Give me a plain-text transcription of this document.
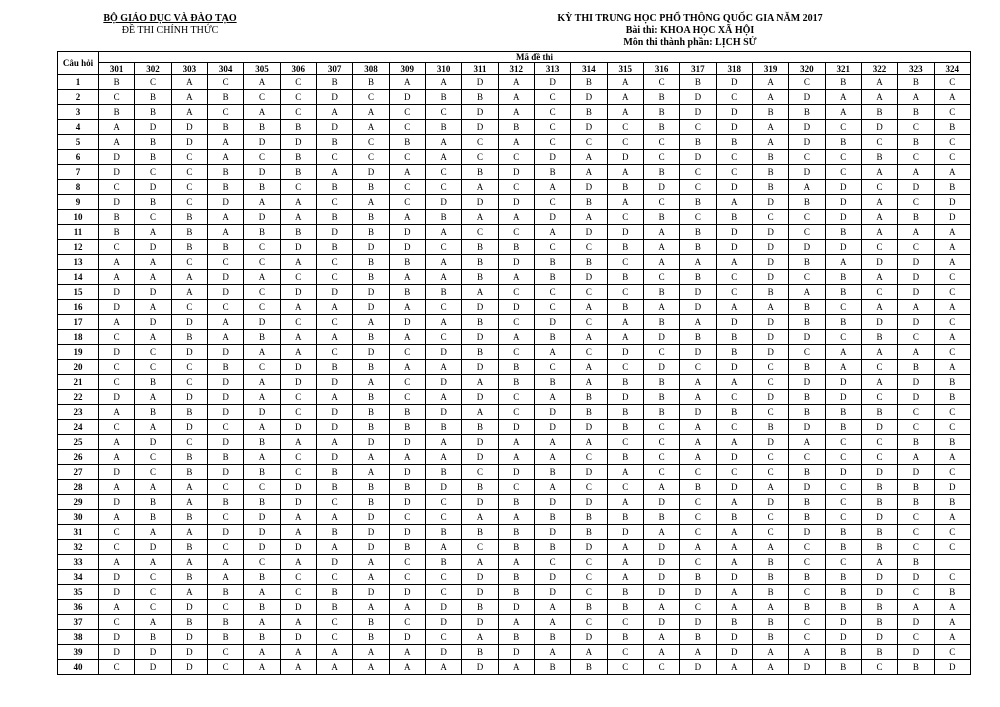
BỘ GIÁO DỤC VÀ ĐÀO TẠO
ĐỀ THI CHÍNH THỨC
KỲ THI TRUNG HỌC PHỔ THÔNG QUỐC GIA NĂM 2017
Bài thi: KHOA HỌC XÃ HỘI
Môn thi thành phần: LỊCH SỬ
Câu hỏi	Mã đề thi																							
	301	302	303	304	305	306	307	308	309	310	311	312	313	314	315	316	317	318	319	320	321	322	323	324
1	B	C	A	C	A	C	B	B	A	A	D	A	D	B	A	C	B	D	A	C	B	A	B	C
2	C	B	A	B	C	C	D	C	D	B	B	A	C	D	A	B	D	C	A	D	A	A	A	A
3	B	B	A	C	A	C	A	A	C	C	D	A	C	B	A	B	D	D	B	B	A	B	B	C
4	A	D	D	B	B	B	D	A	C	B	D	B	C	D	C	B	C	D	A	D	C	D	C	B
5	A	B	D	A	D	D	B	C	B	A	C	A	C	C	C	C	B	B	A	D	B	C	B	C
6	D	B	C	A	C	B	C	C	C	A	C	C	D	A	D	C	D	C	B	C	C	B	C	C
7	D	C	C	B	D	B	A	D	A	C	B	D	B	A	A	B	C	C	B	D	C	A	A	A
8	C	D	C	B	B	C	B	B	C	C	A	C	A	D	B	D	C	D	B	A	D	C	D	B
9	D	B	C	D	A	A	C	A	C	D	D	D	C	B	A	C	B	A	D	B	D	A	C	D
10	B	C	B	A	D	A	B	B	A	B	A	A	D	A	C	B	C	B	C	C	D	A	B	D
11	B	A	B	A	B	B	D	B	D	A	C	C	A	D	D	A	B	D	D	C	B	A	A	A
12	C	D	B	B	C	D	B	D	D	C	B	B	C	C	B	A	B	D	D	D	D	C	C	A
13	A	A	C	C	C	A	C	B	B	A	B	D	B	B	C	A	A	A	D	B	A	D	D	A
14	A	A	A	D	A	C	C	B	A	A	B	A	B	D	B	C	B	C	D	C	B	A	D	C
15	D	D	A	D	C	D	D	D	B	B	A	C	C	C	C	B	D	C	B	A	B	C	D	C
16	D	A	C	C	C	A	A	D	A	C	D	D	C	A	B	A	D	A	A	B	C	A	A	A
17	A	D	D	A	D	C	C	A	D	A	B	C	D	C	A	B	A	D	D	B	B	D	D	C
18	C	A	B	A	B	A	A	B	A	C	D	A	B	A	A	D	B	B	D	D	C	B	C	A
19	D	C	D	D	A	A	C	D	C	D	B	C	A	C	D	C	D	B	D	C	A	A	A	C
20	C	C	C	B	C	D	B	B	A	A	D	B	C	A	C	D	C	D	C	B	A	C	B	A
21	C	B	C	D	A	D	D	A	C	D	A	B	B	A	B	B	A	A	C	D	D	A	D	B
22	D	A	D	D	A	C	A	B	C	A	D	C	A	B	D	B	A	C	D	B	D	C	D	B
23	A	B	B	D	D	C	D	B	B	D	A	C	D	B	B	B	D	B	C	B	B	B	C	C
24	C	A	D	C	A	D	D	B	B	B	B	D	D	D	B	C	A	C	B	D	B	D	C	C
25	A	D	C	D	B	A	A	D	D	A	D	A	A	A	C	C	A	A	D	A	C	C	B	B
26	A	C	B	B	A	C	D	A	A	A	D	A	A	C	B	C	A	D	C	C	C	C	A	A
27	D	C	B	D	B	C	B	A	D	B	C	D	B	D	A	C	C	C	C	B	D	D	D	C
28	A	A	A	C	C	D	B	B	B	D	B	C	A	C	C	A	B	D	A	D	C	B	B	D
29	D	B	A	B	B	D	C	B	D	C	D	B	D	D	A	D	C	A	D	B	C	B	B	B
30	A	B	B	C	D	A	A	D	C	C	A	A	B	B	B	B	C	B	C	B	C	D	C	A
31	C	A	A	D	D	A	B	D	D	B	B	B	D	B	D	A	C	A	C	D	B	B	C	C
32	C	D	B	C	D	D	A	D	B	A	C	B	B	D	A	D	A	A	A	C	B	B	C	C
33	A	A	A	A	C	A	D	A	C	B	A	A	C	C	A	D	C	A	B	C	C	A	B	
34	D	C	B	A	B	C	C	A	C	C	D	B	D	C	A	D	B	D	B	B	B	D	D	C
35	D	C	A	B	A	C	B	D	D	C	D	B	D	C	B	D	D	A	B	C	B	D	C	B
36	A	C	D	C	B	D	B	A	A	D	B	D	A	B	B	A	C	A	A	B	B	B	A	A
37	C	A	B	B	A	A	C	B	C	D	D	A	A	C	C	D	D	B	B	C	D	B	D	A
38	D	B	D	B	B	D	C	B	D	C	A	B	B	D	B	A	B	D	B	C	D	D	C	A
39	D	D	D	C	A	A	A	A	A	D	B	D	A	A	C	A	A	D	A	A	B	B	D	C
40	C	D	D	C	A	A	A	A	A	A	D	A	B	B	C	C	D	A	A	D	B	C	B	D
